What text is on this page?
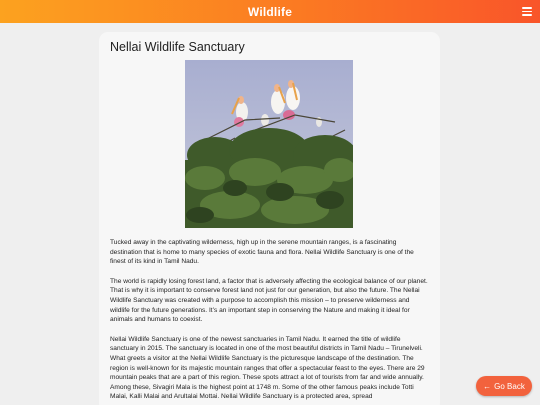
Wildlife
Nellai Wildlife Sanctuary

Tucked away in the captivating wilderness, high up in the serene mountain ranges, is a fascinating destination that is home to many species of exotic fauna and flora. Nellai Wildlife Sanctuary is one of the finest of its kind in Tamil Nadu.

The world is rapidly losing forest land, a factor that is adversely affecting the ecological balance of our planet. That is why it is important to conserve forest land not just for our generation, but also the future. The Nellai Wildlife Sanctuary was created with a purpose to accomplish this mission – to preserve wilderness and wildlife for the future generations. It’s an important step in conserving the Nature and making it ideal for animals and humans to coexist.

Nellai Wildlife Sanctuary is one of the newest sanctuaries in Tamil Nadu. It earned the title of wildlife sanctuary in 2015. The sanctuary is located in one of the most beautiful districts in Tamil Nadu – Tirunelveli. What greets a visitor at the Nellai Wildlife Sanctuary is the picturesque landscape of the destination. The region is well-known for its majestic mountain ranges that offer a spectacular feast to the eyes. There are 29 mountain peaks that are a part of this region. These spots attract a lot of tourists from far and wide annually. Among these, Sivagiri Mala is the highest point at 1748 m. Some of the other famous peaks include Totti Malai, Kalli Malai and Arultalai Mottai. Nellai Wildlife Sanctuary is a protected area, spread

← Go Back
